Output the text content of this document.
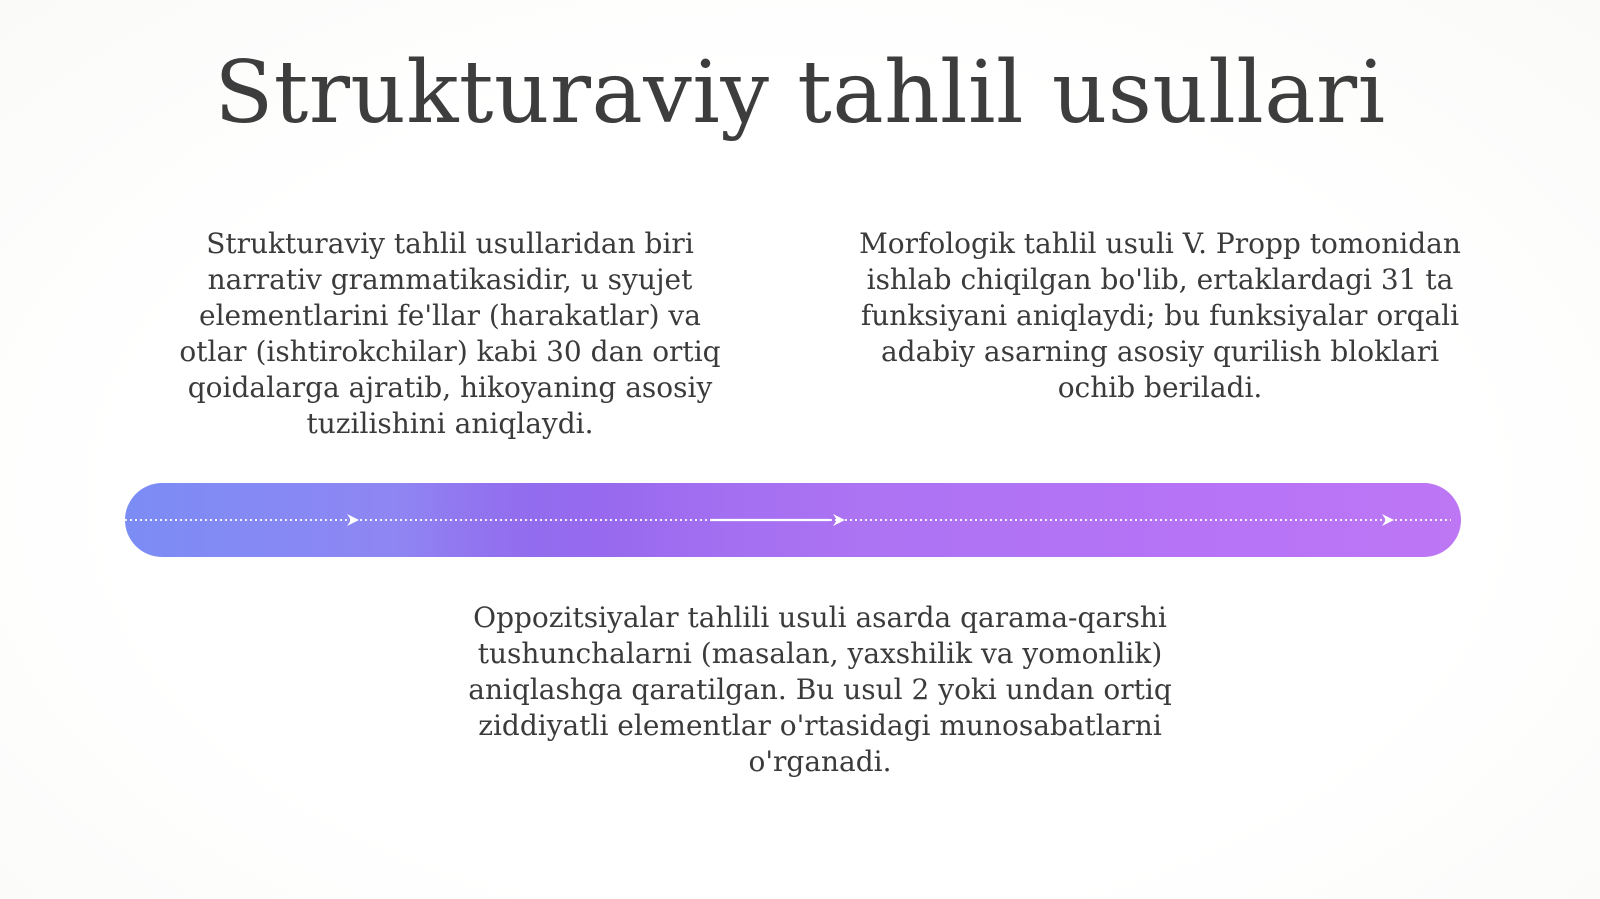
Strukturaviy tahlil usullari

Strukturaviy tahlil usullaridan biri
narrativ grammatikasidir, u syujet
elementlarini fe'llar (harakatlar) va
otlar (ishtirokchilar) kabi 30 dan ortiq
qoidalarga ajratib, hikoyaning asosiy
tuzilishini aniqlaydi.

Morfologik tahlil usuli V. Propp tomonidan
ishlab chiqilgan bo'lib, ertaklardagi 31 ta
funksiyani aniqlaydi; bu funksiyalar orqali
adabiy asarning asosiy qurilish bloklari
ochib beriladi.

Oppozitsiyalar tahlili usuli asarda qarama-qarshi
tushunchalarni (masalan, yaxshilik va yomonlik)
aniqlashga qaratilgan. Bu usul 2 yoki undan ortiq
ziddiyatli elementlar o'rtasidagi munosabatlarni
o'rganadi.
